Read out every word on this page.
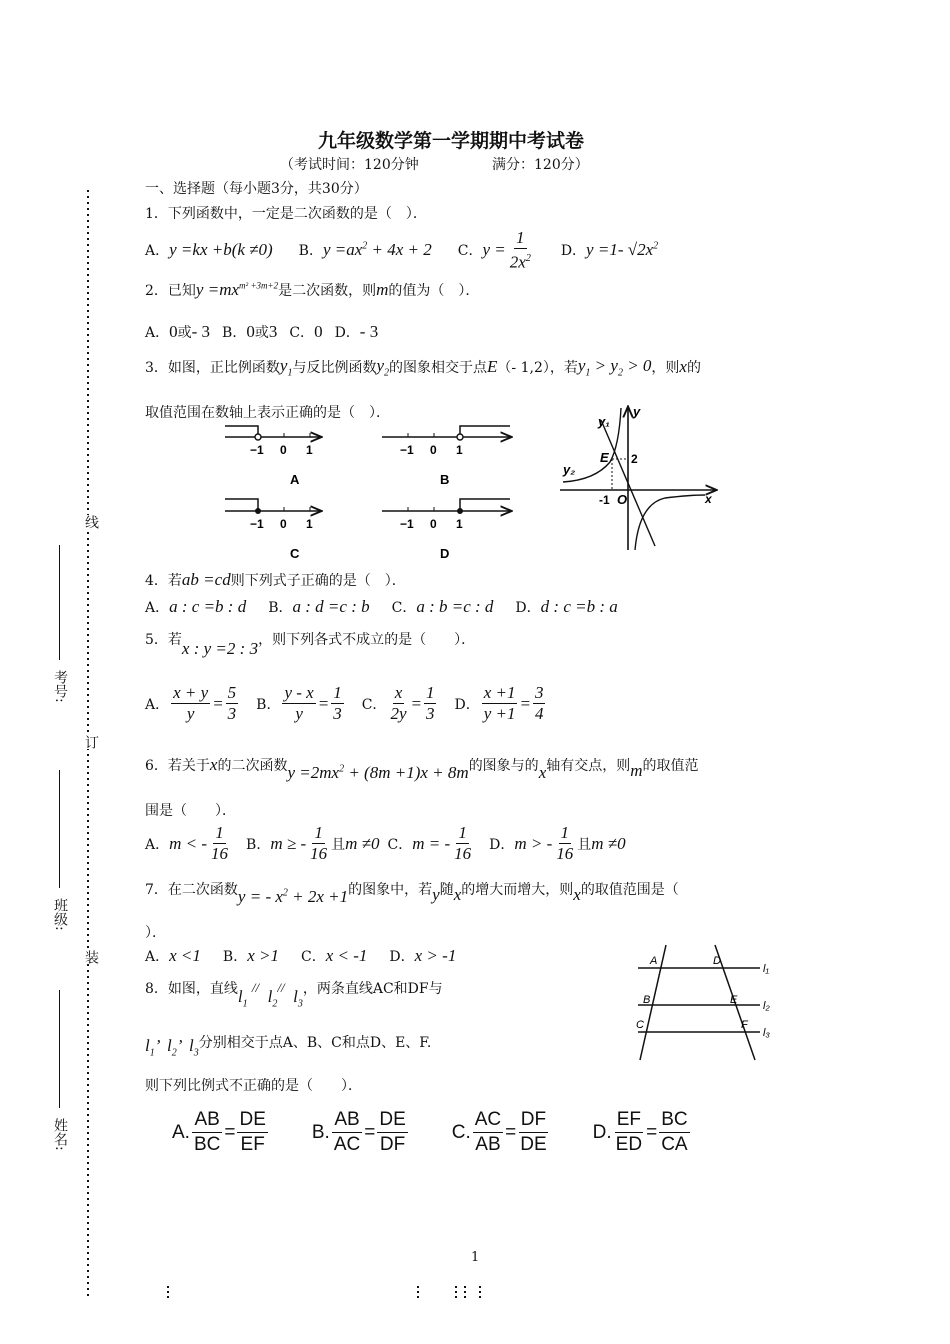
线
订
装
考号:
班级:
姓名:
九年级数学第一学期期中考试卷
（考试时间：120分钟	满分：120分）
一、选择题（每小题3分，共30分）
1．下列函数中，一定是二次函数的是（　）．
A． y =kx +b(k ≠0) B． $y =ax^2 + 4x + 2$ C． $y = \frac{1}{2x^2}$ D． y =1- $√2x^2$
2．已知 $y =mx^{m^2 +3m+2}$ 是二次函数，则 m 的值为（　）．
A． 0 或 - 3 B． 0 或 3 C． 0 D． - 3
3．如图，正比例函数 $y_1$ 与反比例函数 $y_2$ 的图象相交于点 E （- 1,2），若 $y_1 > y_2 > 0$ ，则 x 的
取值范围在数轴上表示正确的是（　）．
−1 0 1
A
−1 0 1
B
−1 0 1
C
−1 0 1
D
y₁
y₂
E 2
-1 O	x
y
4．若 ab =cd 则下列式子正确的是（　）．
A． a : c =b : d B． a : d =c : b C． a : b =c : d D． d : c =b : a
5．若 x : y =2 : 3 ，则下列各式不成立的是（　　）．
A． $\frac{x + y}{y} = \frac{5}{3}$ B． $\frac{y - x}{y} = \frac{1}{3}$ C． $\frac{x}{2y} = \frac{1}{3}$ D． $\frac{x +1}{y +1} = \frac{3}{4}$
6．若关于 x 的二次函数 $y =2mx^2 + (8m +1)x + 8m$ 的图象与的 x 轴有交点，则 m 的取值范
围是（　　）．
A． m < - $\frac{1}{16}$ B． m ≥ - $\frac{1}{16}$ 且 m ≠0 C． m = - $\frac{1}{16}$ D． m > - $\frac{1}{16}$ 且 m ≠0
7．在二次函数 y = - $x^2 + 2x +1$ 的图象中，若 y 随 x 的增大而增大，则 x 的取值范围是（
）．
A． x <1 B． x >1 C． x < -1 D． x > -1
8．如图，直线 $l_1$ //  $l_2^{//}$  $l_3$
，两条直线AC和DF与
$l_1$’  $l_2$’  $l_3$
分别相交于点A、B、C和点D、E、F.
则下列比例式不正确的是（　　）．
A	D
B	E
C	F
l₁
l₂
l₃
A. $\frac{AB}{BC} = \frac{DE}{EF} B$. $\frac{AB}{AC} = \frac{DE}{DF} C$. $\frac{AC}{AB} = \frac{DF}{DE} D$. $\frac{EF}{ED} = \frac{BC}{CA}$
1
